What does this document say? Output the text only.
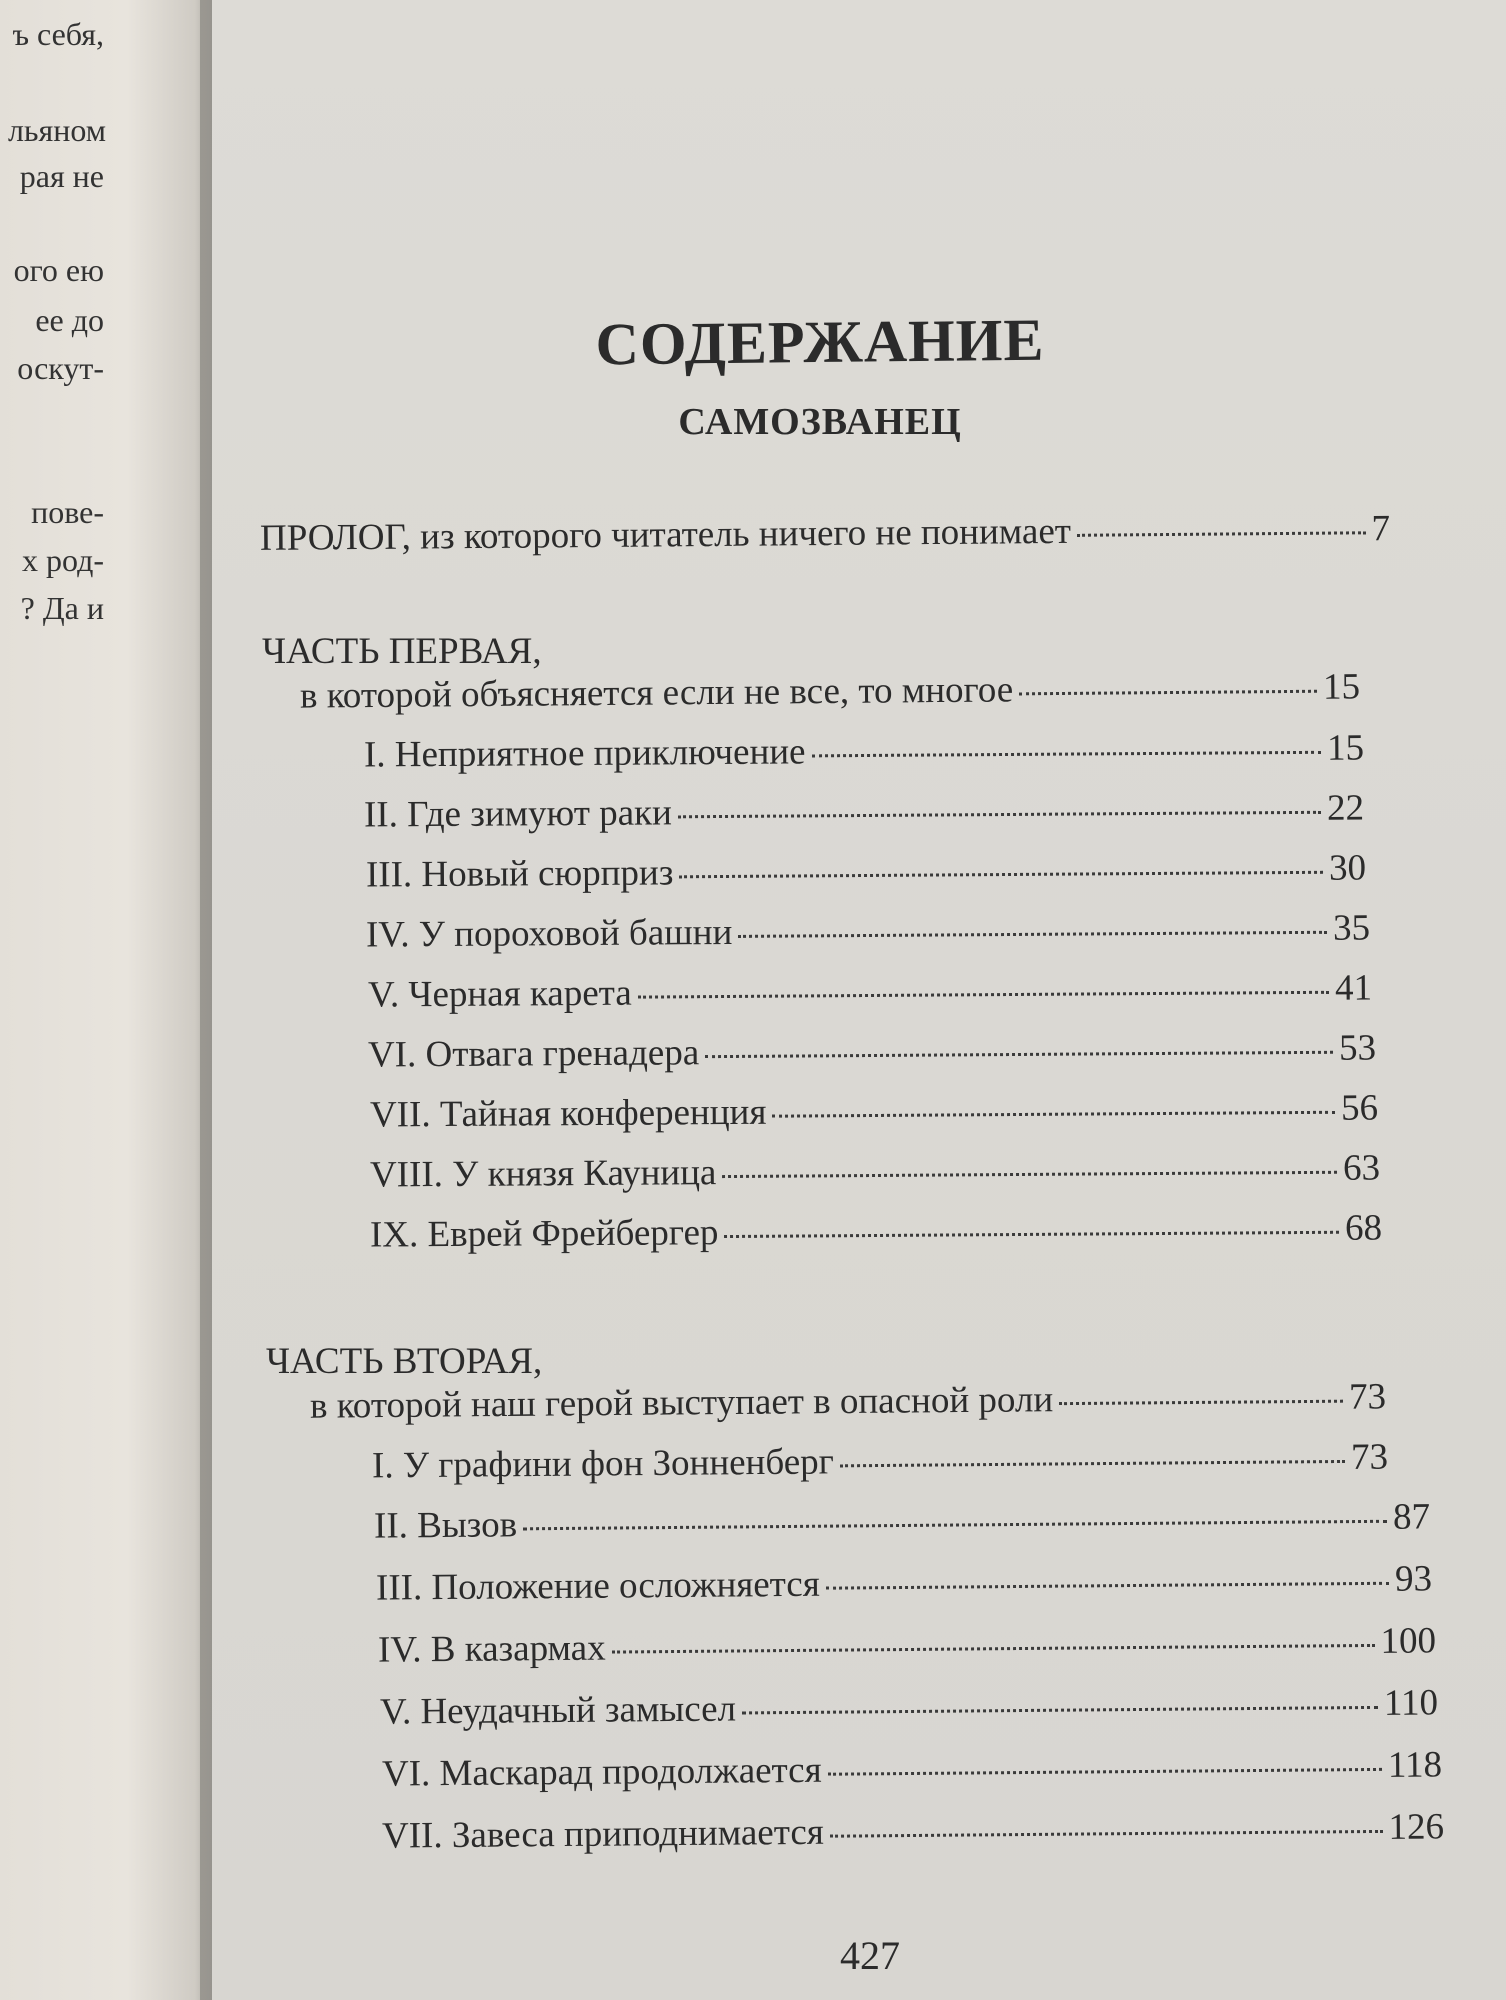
ъ себя,
льяном
рая не
ого ею
ее до
оскут-
пове-
х род-
? Да и
СОДЕРЖАНИЕ
САМОЗВАНЕЦ
ПРОЛОГ, из которого читатель ничего не понимает	7
ЧАСТЬ ПЕРВАЯ,
в которой объясняется если не все, то многое	15
I. Неприятное приключение	15
II. Где зимуют раки	22
III. Новый сюрприз	30
IV. У пороховой башни	35
V. Черная карета	41
VI. Отвага гренадера	53
VII. Тайная конференция	56
VIII. У князя Кауница	63
IX. Еврей Фрейбергер	68
ЧАСТЬ ВТОРАЯ,
в которой наш герой выступает в опасной роли	73
I. У графини фон Зонненберг	73
II. Вызов	87
III. Положение осложняется	93
IV. В казармах	100
V. Неудачный замысел	110
VI. Маскарад продолжается	118
VII. Завеса приподнимается	126
427
